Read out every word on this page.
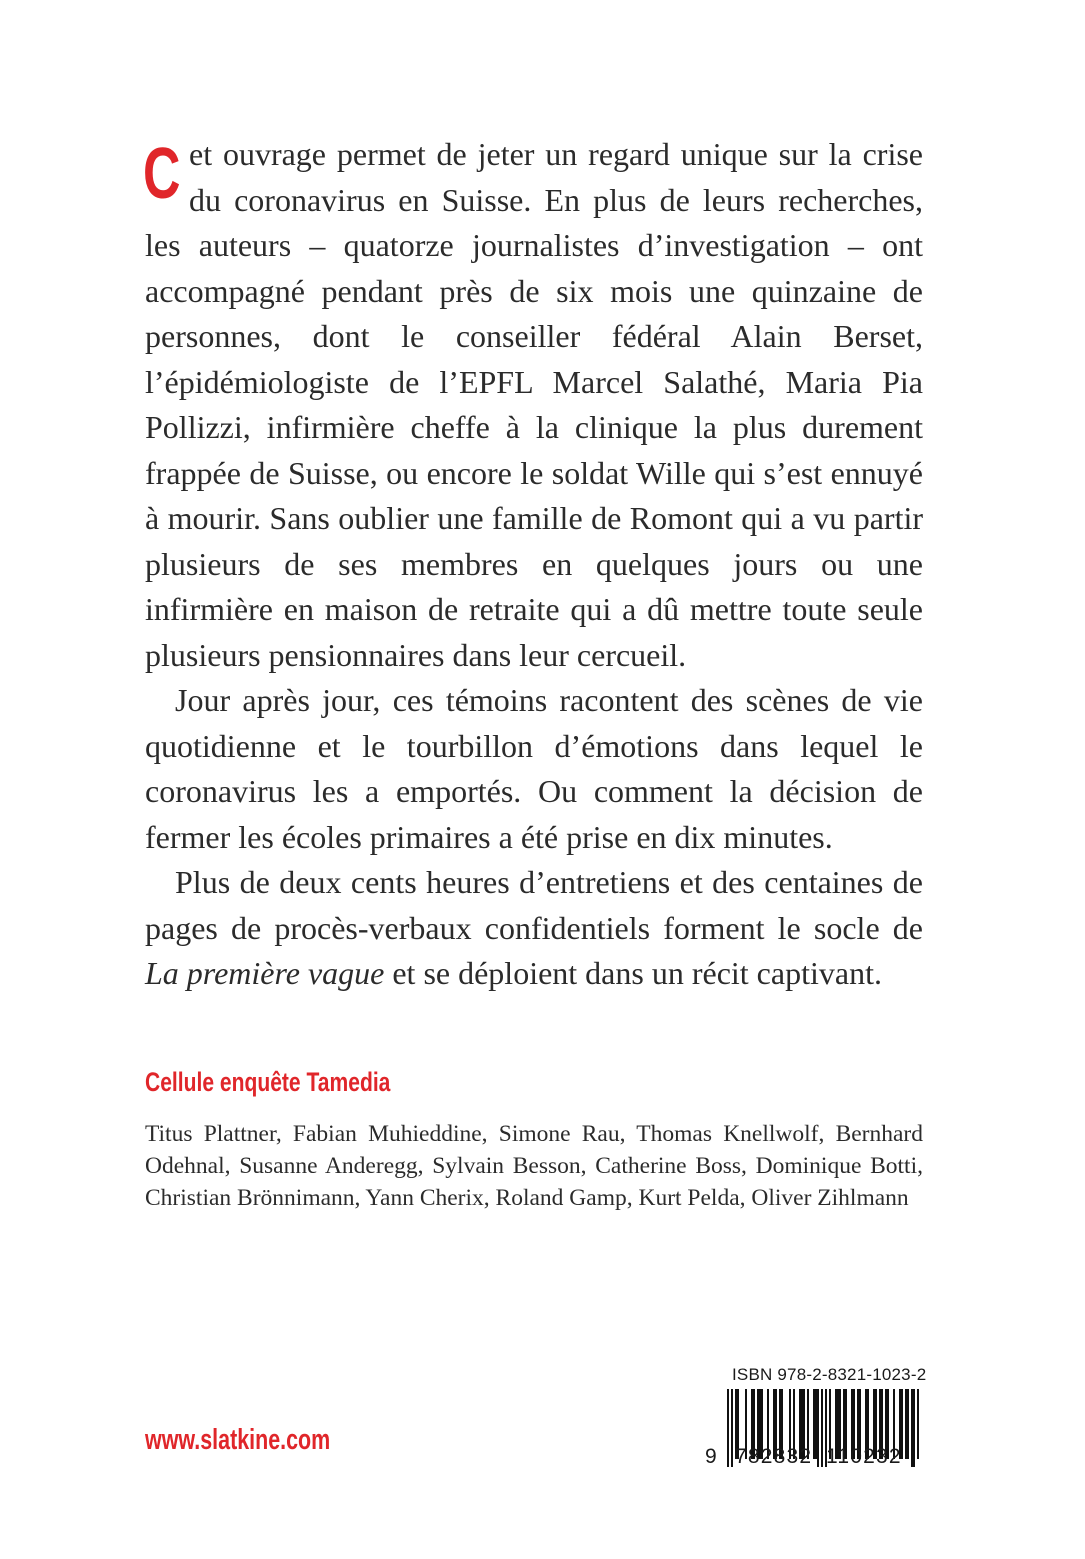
Cet ouvrage permet de jeter un regard unique sur la crise du coronavirus en Suisse. En plus de leurs recherches, les auteurs – quatorze journalistes d’investigation – ont accompagné pendant près de six mois une quinzaine de personnes, dont le conseiller fédéral Alain Berset, l’épidémiologiste de l’EPFL Marcel Salathé, Maria Pia Pollizzi, infirmière cheffe à la clinique la plus durement frappée de Suisse, ou encore le soldat Wille qui s’est ennuyé à mourir. Sans oublier une famille de Romont qui a vu partir plusieurs de ses membres en quelques jours ou une infirmière en maison de retraite qui a dû mettre toute seule plusieurs pensionnaires dans leur cercueil.

Jour après jour, ces témoins racontent des scènes de vie quotidienne et le tourbillon d’émotions dans lequel le coronavirus les a emportés. Ou comment la décision de fermer les écoles primaires a été prise en dix minutes.

Plus de deux cents heures d’entretiens et des centaines de pages de procès-verbaux confidentiels forment le socle de La première vague et se déploient dans un récit captivant.

Cellule enquête Tamedia

Titus Plattner, Fabian Muhieddine, Simone Rau, Thomas Knellwolf, Bernhard Odehnal, Susanne Anderegg, Sylvain Besson, Catherine Boss, Dominique Botti, Christian Brönnimann, Yann Cherix, Roland Gamp, Kurt Pelda, Oliver Zihlmann

www.slatkine.com
ISBN 978-2-8321-1023-2
9 782832 110232
